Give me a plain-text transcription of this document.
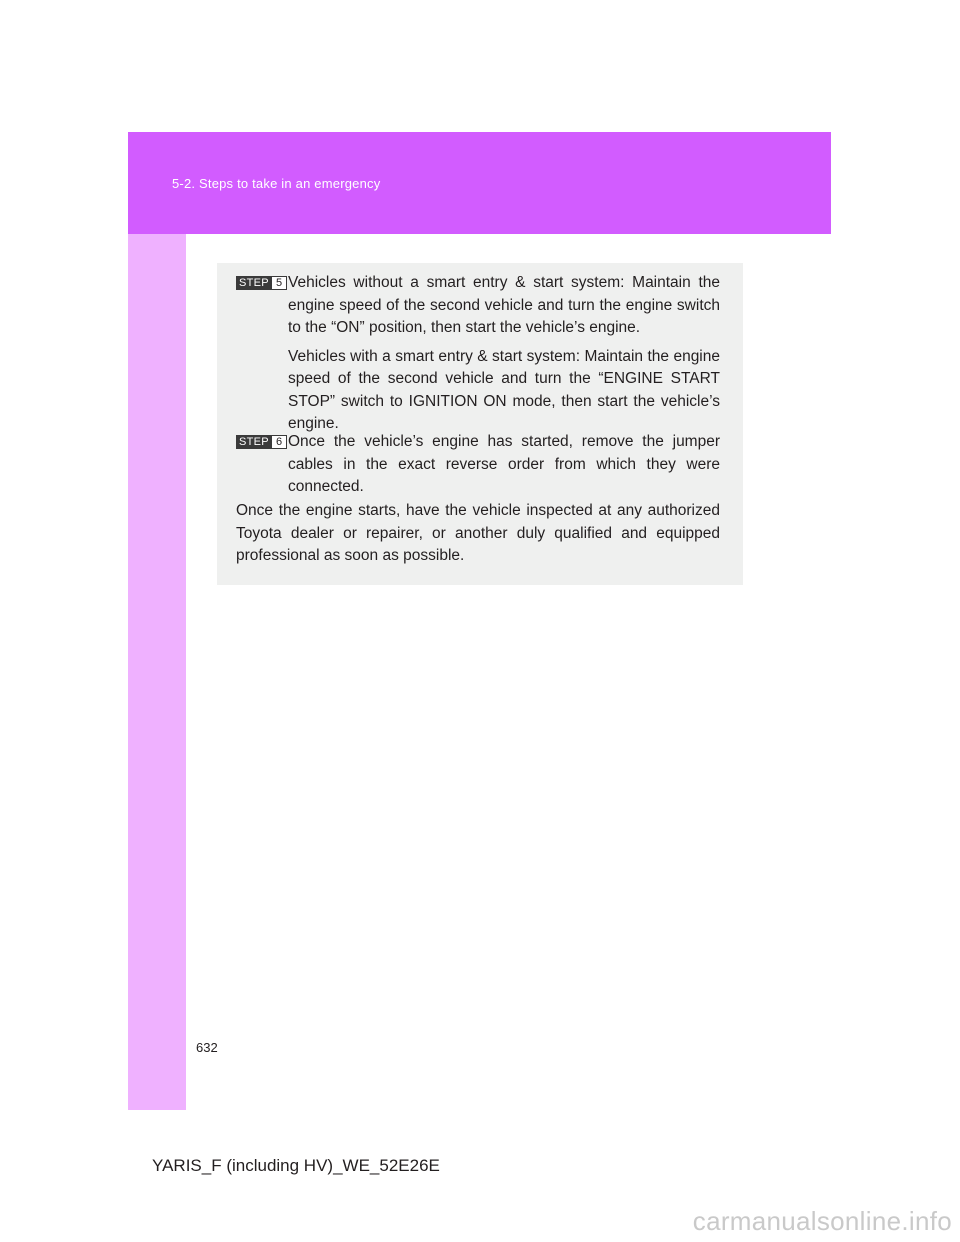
5-2. Steps to take in an emergency
STEP 5 Vehicles without a smart entry & start system: Maintain the engine speed of the second vehicle and turn the engine switch to the “ON” position, then start the vehicle’s engine.

Vehicles with a smart entry & start system: Maintain the engine speed of the second vehicle and turn the “ENGINE START STOP” switch to IGNITION ON mode, then start the vehicle’s engine.

STEP 6 Once the vehicle’s engine has started, remove the jumper cables in the exact reverse order from which they were connected.

Once the engine starts, have the vehicle inspected at any authorized Toyota dealer or repairer, or another duly qualified and equipped professional as soon as possible.

632
YARIS_F (including HV)_WE_52E26E
carmanualsonline.info
